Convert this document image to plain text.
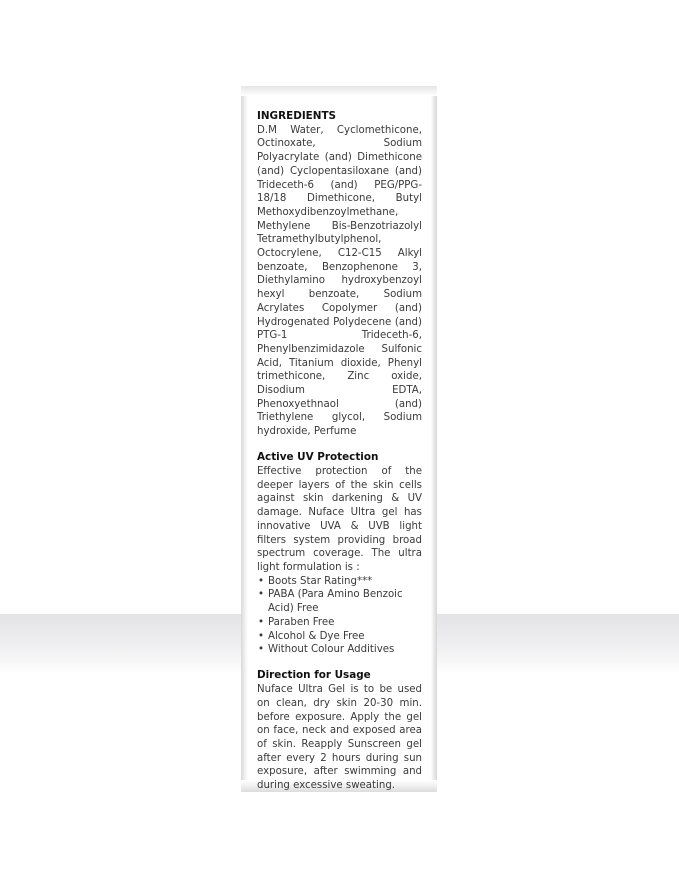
INGREDIENTS

D.M Water, Cyclomethicone, Octinoxate, Sodium Polyacrylate (and) Dimethicone (and) Cyclopentasiloxane (and) Trideceth-6 (and) PEG/PPG-18/18 Dimethicone, Butyl Methoxydibenzoylmethane, Methylene Bis-Benzotriazolyl Tetramethylbutylphenol, Octocrylene, C12-C15 Alkyl benzoate, Benzophenone 3, Diethylamino hydroxybenzoyl hexyl benzoate, Sodium Acrylates Copolymer (and) Hydrogenated Polydecene (and) PTG-1 Trideceth-6, Phenylbenzimidazole Sulfonic Acid, Titanium dioxide, Phenyl trimethicone, Zinc oxide, Disodium EDTA, Phenoxyethnaol (and) Triethylene glycol, Sodium hydroxide, Perfume

Active UV Protection

Effective protection of the deeper layers of the skin cells against skin darkening & UV damage. Nuface Ultra gel has innovative UVA & UVB light filters system providing broad spectrum coverage. The ultra light formulation is :

• Boots Star Rating***
• PABA (Para Amino Benzoic Acid) Free
• Paraben Free
• Alcohol & Dye Free
• Without Colour Additives
Direction for Usage

Nuface Ultra Gel is to be used on clean, dry skin 20-30 min. before exposure. Apply the gel on face, neck and exposed area of skin. Reapply Sunscreen gel after every 2 hours during sun exposure, after swimming and during excessive sweating.
